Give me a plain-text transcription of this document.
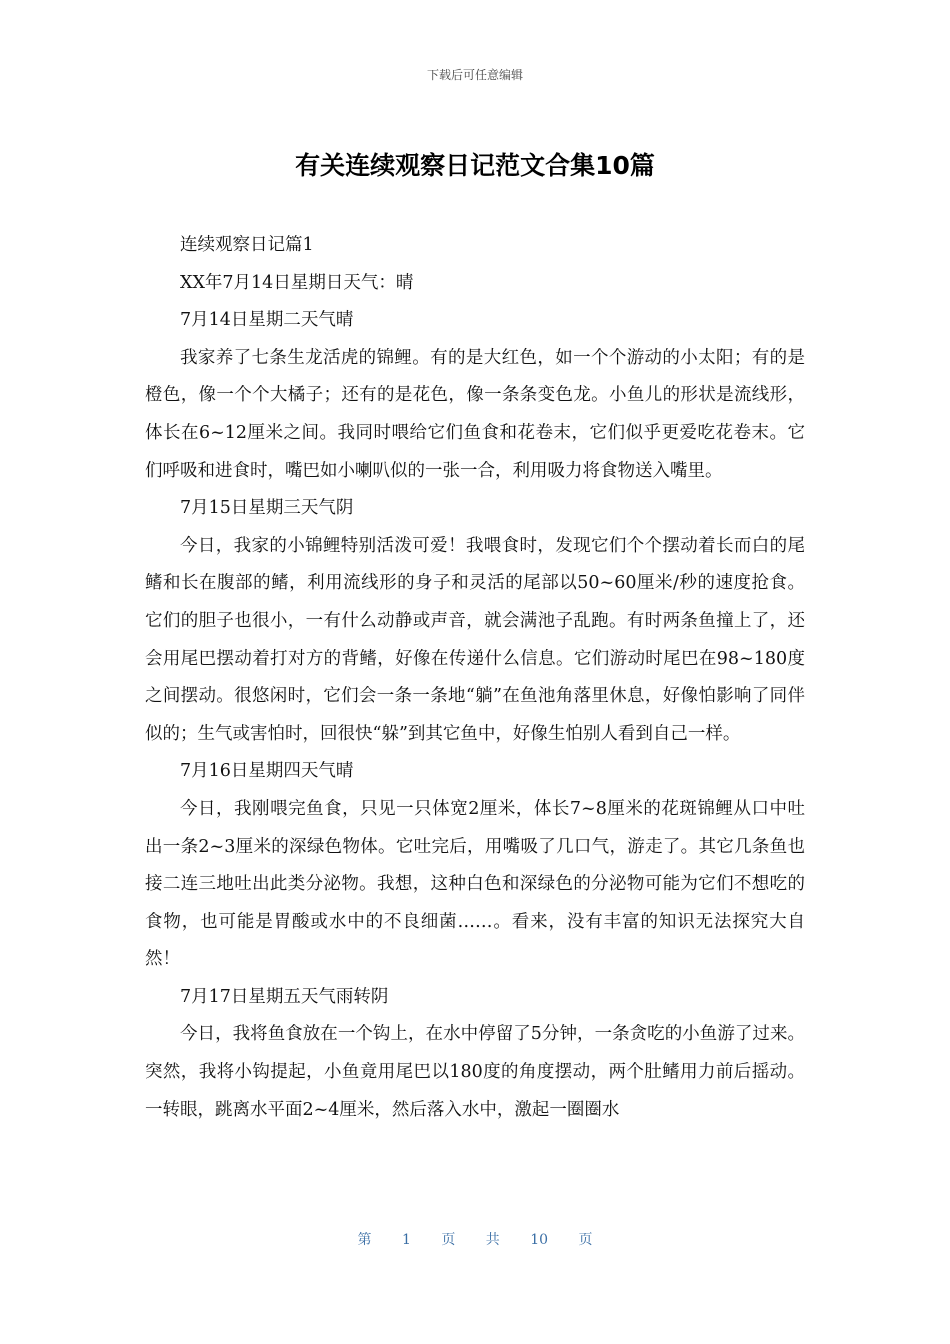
下载后可任意编辑
有关连续观察日记范文合集10篇

连续观察日记篇1

XX年7月14日星期日天气：晴

7月14日星期二天气晴

我家养了七条生龙活虎的锦鲤。有的是大红色，如一个个游动的小太阳；有的是橙色，像一个个大橘子；还有的是花色，像一条条变色龙。小鱼儿的形状是流线形，体长在6~12厘米之间。我同时喂给它们鱼食和花卷末，它们似乎更爱吃花卷末。它们呼吸和进食时，嘴巴如小喇叭似的一张一合，利用吸力将食物送入嘴里。

7月15日星期三天气阴

今日，我家的小锦鲤特别活泼可爱！我喂食时，发现它们个个摆动着长而白的尾鳍和长在腹部的鳍，利用流线形的身子和灵活的尾部以50~60厘米/秒的速度抢食。它们的胆子也很小，一有什么动静或声音，就会满池子乱跑。有时两条鱼撞上了，还会用尾巴摆动着打对方的背鳍，好像在传递什么信息。它们游动时尾巴在98~180度之间摆动。很悠闲时，它们会一条一条地“躺”在鱼池角落里休息，好像怕影响了同伴似的；生气或害怕时，回很快“躲”到其它鱼中，好像生怕别人看到自己一样。

7月16日星期四天气晴

今日，我刚喂完鱼食，只见一只体宽2厘米，体长7~8厘米的花斑锦鲤从口中吐出一条2~3厘米的深绿色物体。它吐完后，用嘴吸了几口气，游走了。其它几条鱼也接二连三地吐出此类分泌物。我想，这种白色和深绿色的分泌物可能为它们不想吃的食物，也可能是胃酸或水中的不良细菌……。看来，没有丰富的知识无法探究大自然！

7月17日星期五天气雨转阴

今日，我将鱼食放在一个钩上，在水中停留了5分钟，一条贪吃的小鱼游了过来。突然，我将小钩提起，小鱼竟用尾巴以180度的角度摆动，两个肚鳍用力前后摇动。一转眼，跳离水平面2~4厘米，然后落入水中，激起一圈圈水

第 1 页 共 10 页
